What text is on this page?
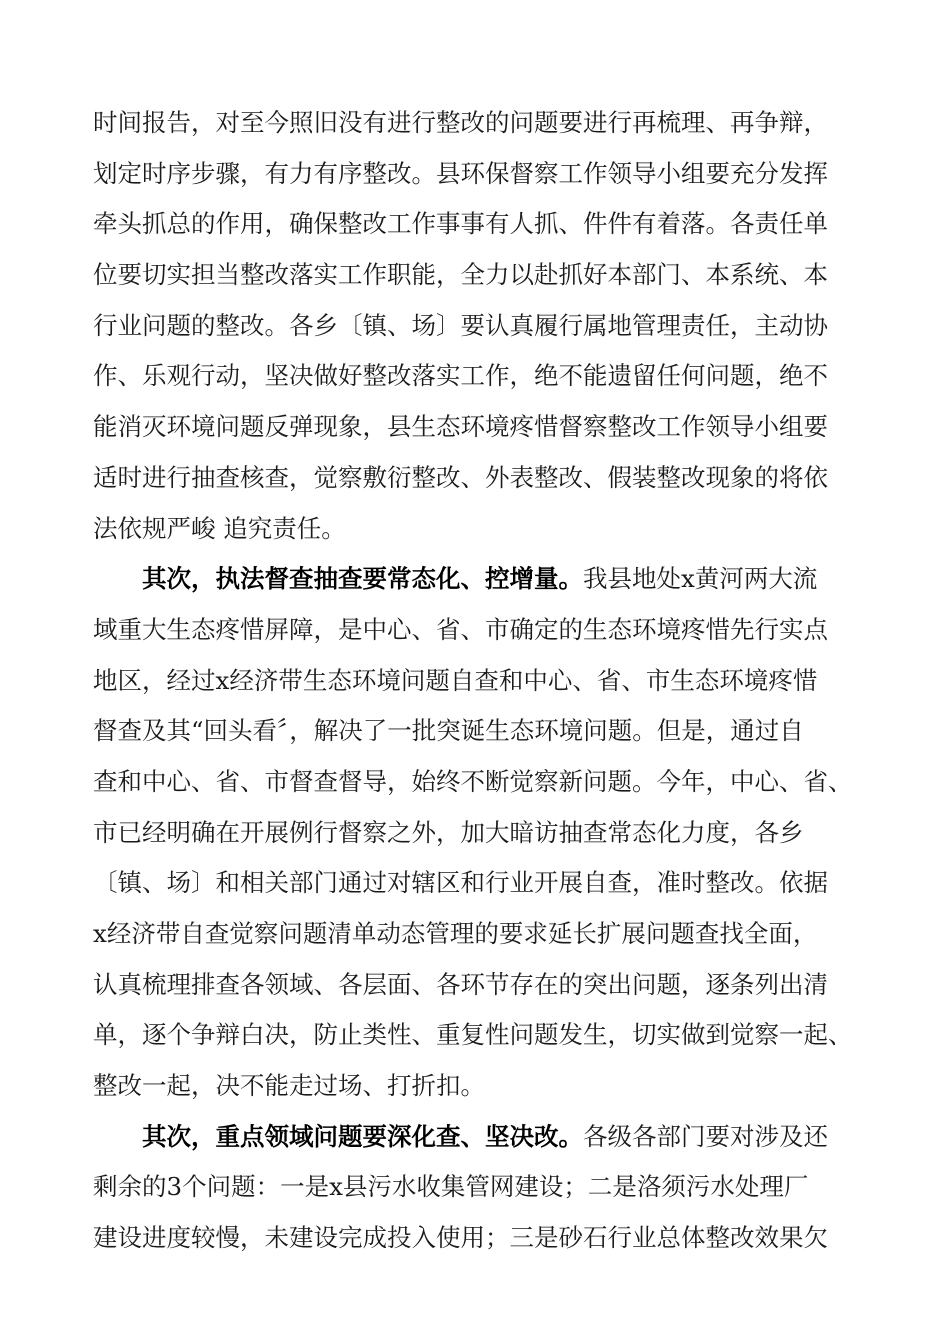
时间报告，对至今照旧没有进行整改的问题要进行再梳理、再争辩，
划定时序步骤，有力有序整改。县环保督察工作领导小组要充分发挥
牵头抓总的作用，确保整改工作事事有人抓、件件有着落。各责任单
位要切实担当整改落实工作职能，全力以赴抓好本部门、本系统、本
行业问题的整改。各乡〔镇、场〕要认真履行属地管理责任，主动协
作、乐观行动，坚决做好整改落实工作，绝不能遗留任何问题，绝不
能消灭环境问题反弹现象，县生态环境疼惜督察整改工作领导小组要
适时进行抽查核查，觉察敷衍整改、外表整改、假装整改现象的将依
法依规严峻 追究责任。
其次，执法督查抽查要常态化、控增量。我县地处x黄河两大流
域重大生态疼惜屏障，是中心、省、市确定的生态环境疼惜先行实点
地区，经过x经济带生态环境问题自查和中心、省、市生态环境疼惜
督查及其“回头看〞，解决了一批突诞生态环境问题。但是，通过自
查和中心、省、市督查督导，始终不断觉察新问题。今年，中心、省、
市已经明确在开展例行督察之外，加大暗访抽查常态化力度，各乡
〔镇、场〕和相关部门通过对辖区和行业开展自查，准时整改。依据
x经济带自查觉察问题清单动态管理的要求延长扩展问题查找全面，
认真梳理排查各领域、各层面、各环节存在的突出问题，逐条列出清
单，逐个争辩白决，防止类性、重复性问题发生，切实做到觉察一起、
整改一起，决不能走过场、打折扣。
其次，重点领域问题要深化查、坚决改。各级各部门要对涉及还
剩余的3个问题：一是x县污水收集管网建设；二是洛须污水处理厂
建设进度较慢，未建设完成投入使用；三是砂石行业总体整改效果欠
